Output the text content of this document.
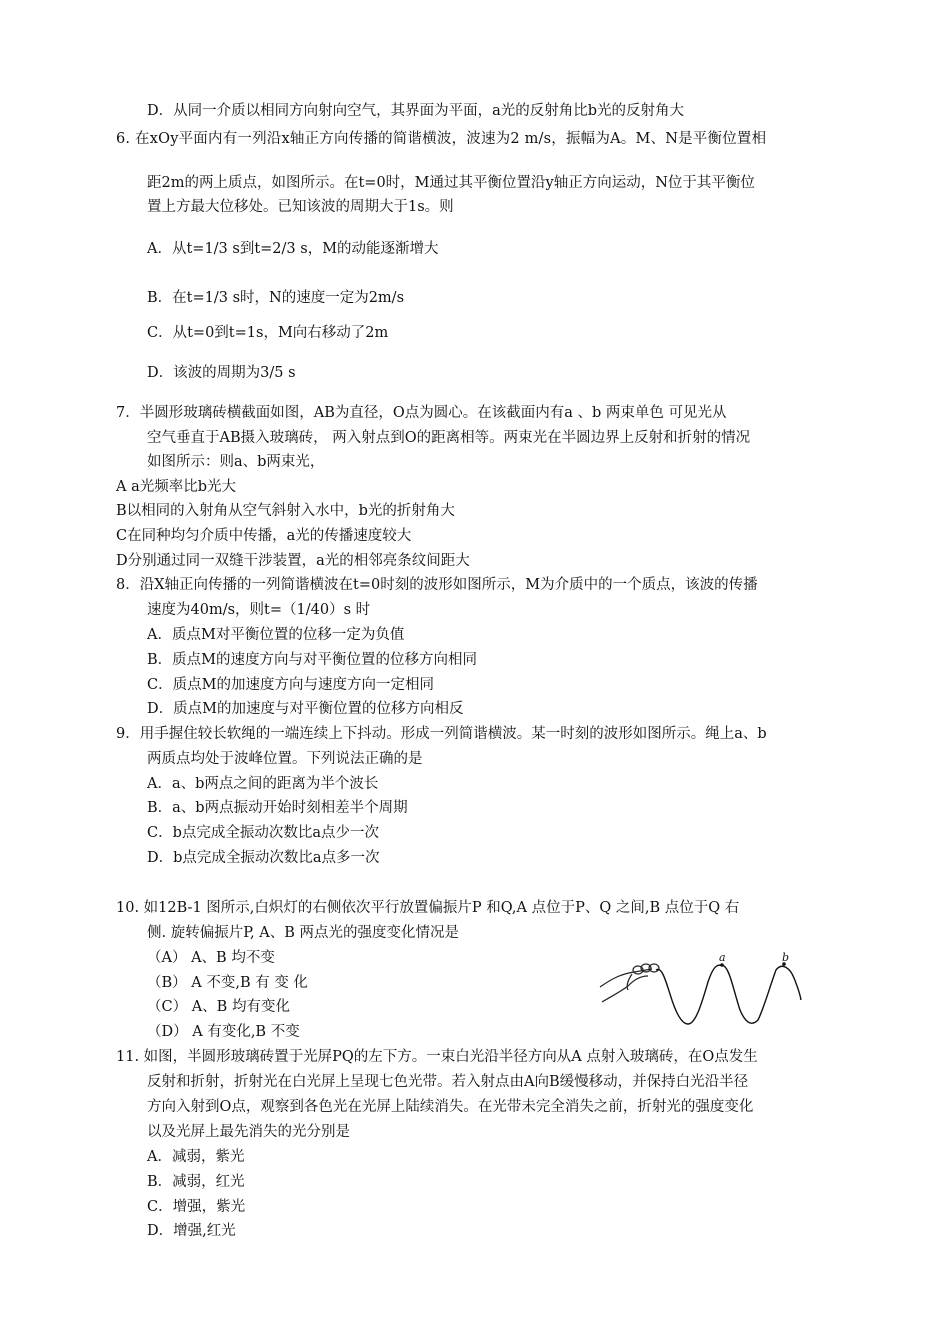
D．从同一介质以相同方向射向空气，其界面为平面，a光的反射角比b光的反射角大
6. 在xOy平面内有一列沿x轴正方向传播的简谐横波，波速为2 m/s，振幅为A。M、N是平衡位置相
距2m的两上质点，如图所示。在t=0时，M通过其平衡位置沿y轴正方向运动，N位于其平衡位
置上方最大位移处。已知该波的周期大于1s。则
A．从t=1/3 s到t=2/3 s，M的动能逐渐增大
B．在t=1/3 s时，N的速度一定为2m/s
C．从t=0到t=1s，M向右移动了2m
D．该波的周期为3/5 s
7．半圆形玻璃砖横截面如图，AB为直径，O点为圆心。在该截面内有a 、b 两束单色 可见光从
空气垂直于AB摄入玻璃砖， 两入射点到O的距离相等。两束光在半圆边界上反射和折射的情况
如图所示：则a、b两束光，
A a光频率比b光大
B以相同的入射角从空气斜射入水中，b光的折射角大
C在同种均匀介质中传播，a光的传播速度较大
D分别通过同一双缝干涉装置，a光的相邻亮条纹间距大
8．沿X轴正向传播的一列简谐横波在t=0时刻的波形如图所示，M为介质中的一个质点，该波的传播
速度为40m/s，则t=（1/40）s 时
A．质点M对平衡位置的位移一定为负值
B．质点M的速度方向与对平衡位置的位移方向相同
C．质点M的加速度方向与速度方向一定相同
D．质点M的加速度与对平衡位置的位移方向相反
9．用手握住较长软绳的一端连续上下抖动。形成一列简谐横波。某一时刻的波形如图所示。绳上a、b
两质点均处于波峰位置。下列说法正确的是
A．a、b两点之间的距离为半个波长
B．a、b两点振动开始时刻相差半个周期
C．b点完成全振动次数比a点少一次
D．b点完成全振动次数比a点多一次
10. 如12B-1 图所示,白炽灯的右侧依次平行放置偏振片P 和Q,A 点位于P、Q 之间,B 点位于Q 右
侧. 旋转偏振片P, A、B 两点光的强度变化情况是
（A） A、B 均不变
（B） A 不变,B 有 变 化
（C） A、B 均有变化
（D） A 有变化,B 不变
a	b
11. 如图，半圆形玻璃砖置于光屏PQ的左下方。一束白光沿半径方向从A 点射入玻璃砖，在O点发生
反射和折射，折射光在白光屏上呈现七色光带。若入射点由A向B缓慢移动，并保持白光沿半径
方向入射到O点，观察到各色光在光屏上陆续消失。在光带未完全消失之前，折射光的强度变化
以及光屏上最先消失的光分别是
A．减弱，紫光
B．减弱，红光
C．增强，紫光
D．增强,红光
